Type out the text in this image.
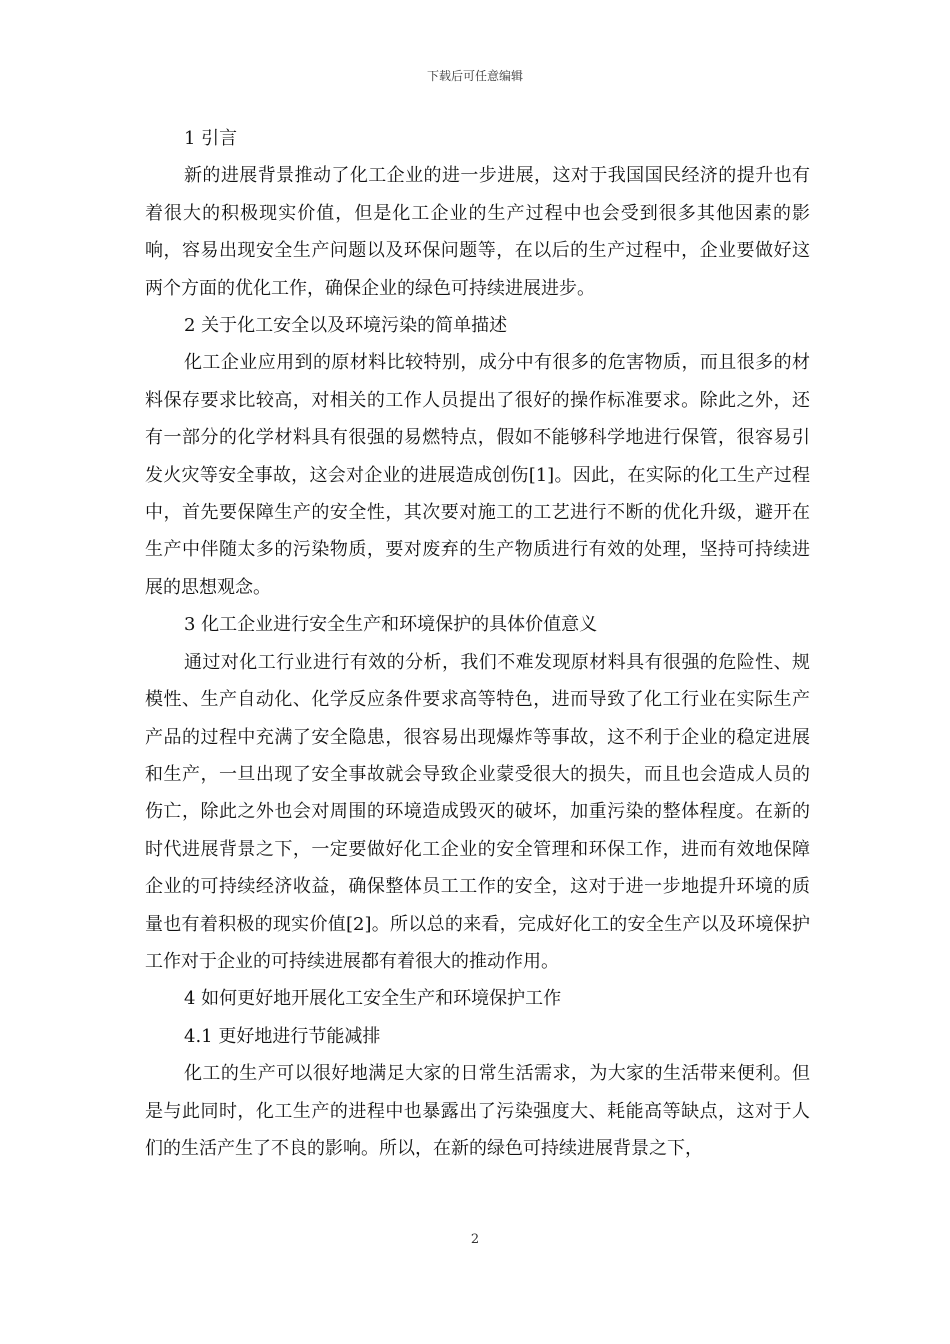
下载后可任意编辑

1 引言

新的进展背景推动了化工企业的进一步进展，这对于我国国民经济的提升也有着很大的积极现实价值，但是化工企业的生产过程中也会受到很多其他因素的影响，容易出现安全生产问题以及环保问题等，在以后的生产过程中，企业要做好这两个方面的优化工作，确保企业的绿色可持续进展进步。

2 关于化工安全以及环境污染的简单描述

化工企业应用到的原材料比较特别，成分中有很多的危害物质，而且很多的材料保存要求比较高，对相关的工作人员提出了很好的操作标准要求。除此之外，还有一部分的化学材料具有很强的易燃特点，假如不能够科学地进行保管，很容易引发火灾等安全事故，这会对企业的进展造成创伤[1]。因此，在实际的化工生产过程中，首先要保障生产的安全性，其次要对施工的工艺进行不断的优化升级，避开在生产中伴随太多的污染物质，要对废弃的生产物质进行有效的处理，坚持可持续进展的思想观念。

3 化工企业进行安全生产和环境保护的具体价值意义

通过对化工行业进行有效的分析，我们不难发现原材料具有很强的危险性、规模性、生产自动化、化学反应条件要求高等特色，进而导致了化工行业在实际生产产品的过程中充满了安全隐患，很容易出现爆炸等事故，这不利于企业的稳定进展和生产，一旦出现了安全事故就会导致企业蒙受很大的损失，而且也会造成人员的伤亡，除此之外也会对周围的环境造成毁灭的破坏，加重污染的整体程度。在新的时代进展背景之下，一定要做好化工企业的安全管理和环保工作，进而有效地保障企业的可持续经济收益，确保整体员工工作的安全，这对于进一步地提升环境的质量也有着积极的现实价值[2]。所以总的来看，完成好化工的安全生产以及环境保护工作对于企业的可持续进展都有着很大的推动作用。

4 如何更好地开展化工安全生产和环境保护工作

4.1 更好地进行节能减排

化工的生产可以很好地满足大家的日常生活需求，为大家的生活带来便利。但是与此同时，化工生产的进程中也暴露出了污染强度大、耗能高等缺点，这对于人们的生活产生了不良的影响。所以，在新的绿色可持续进展背景之下，

2
